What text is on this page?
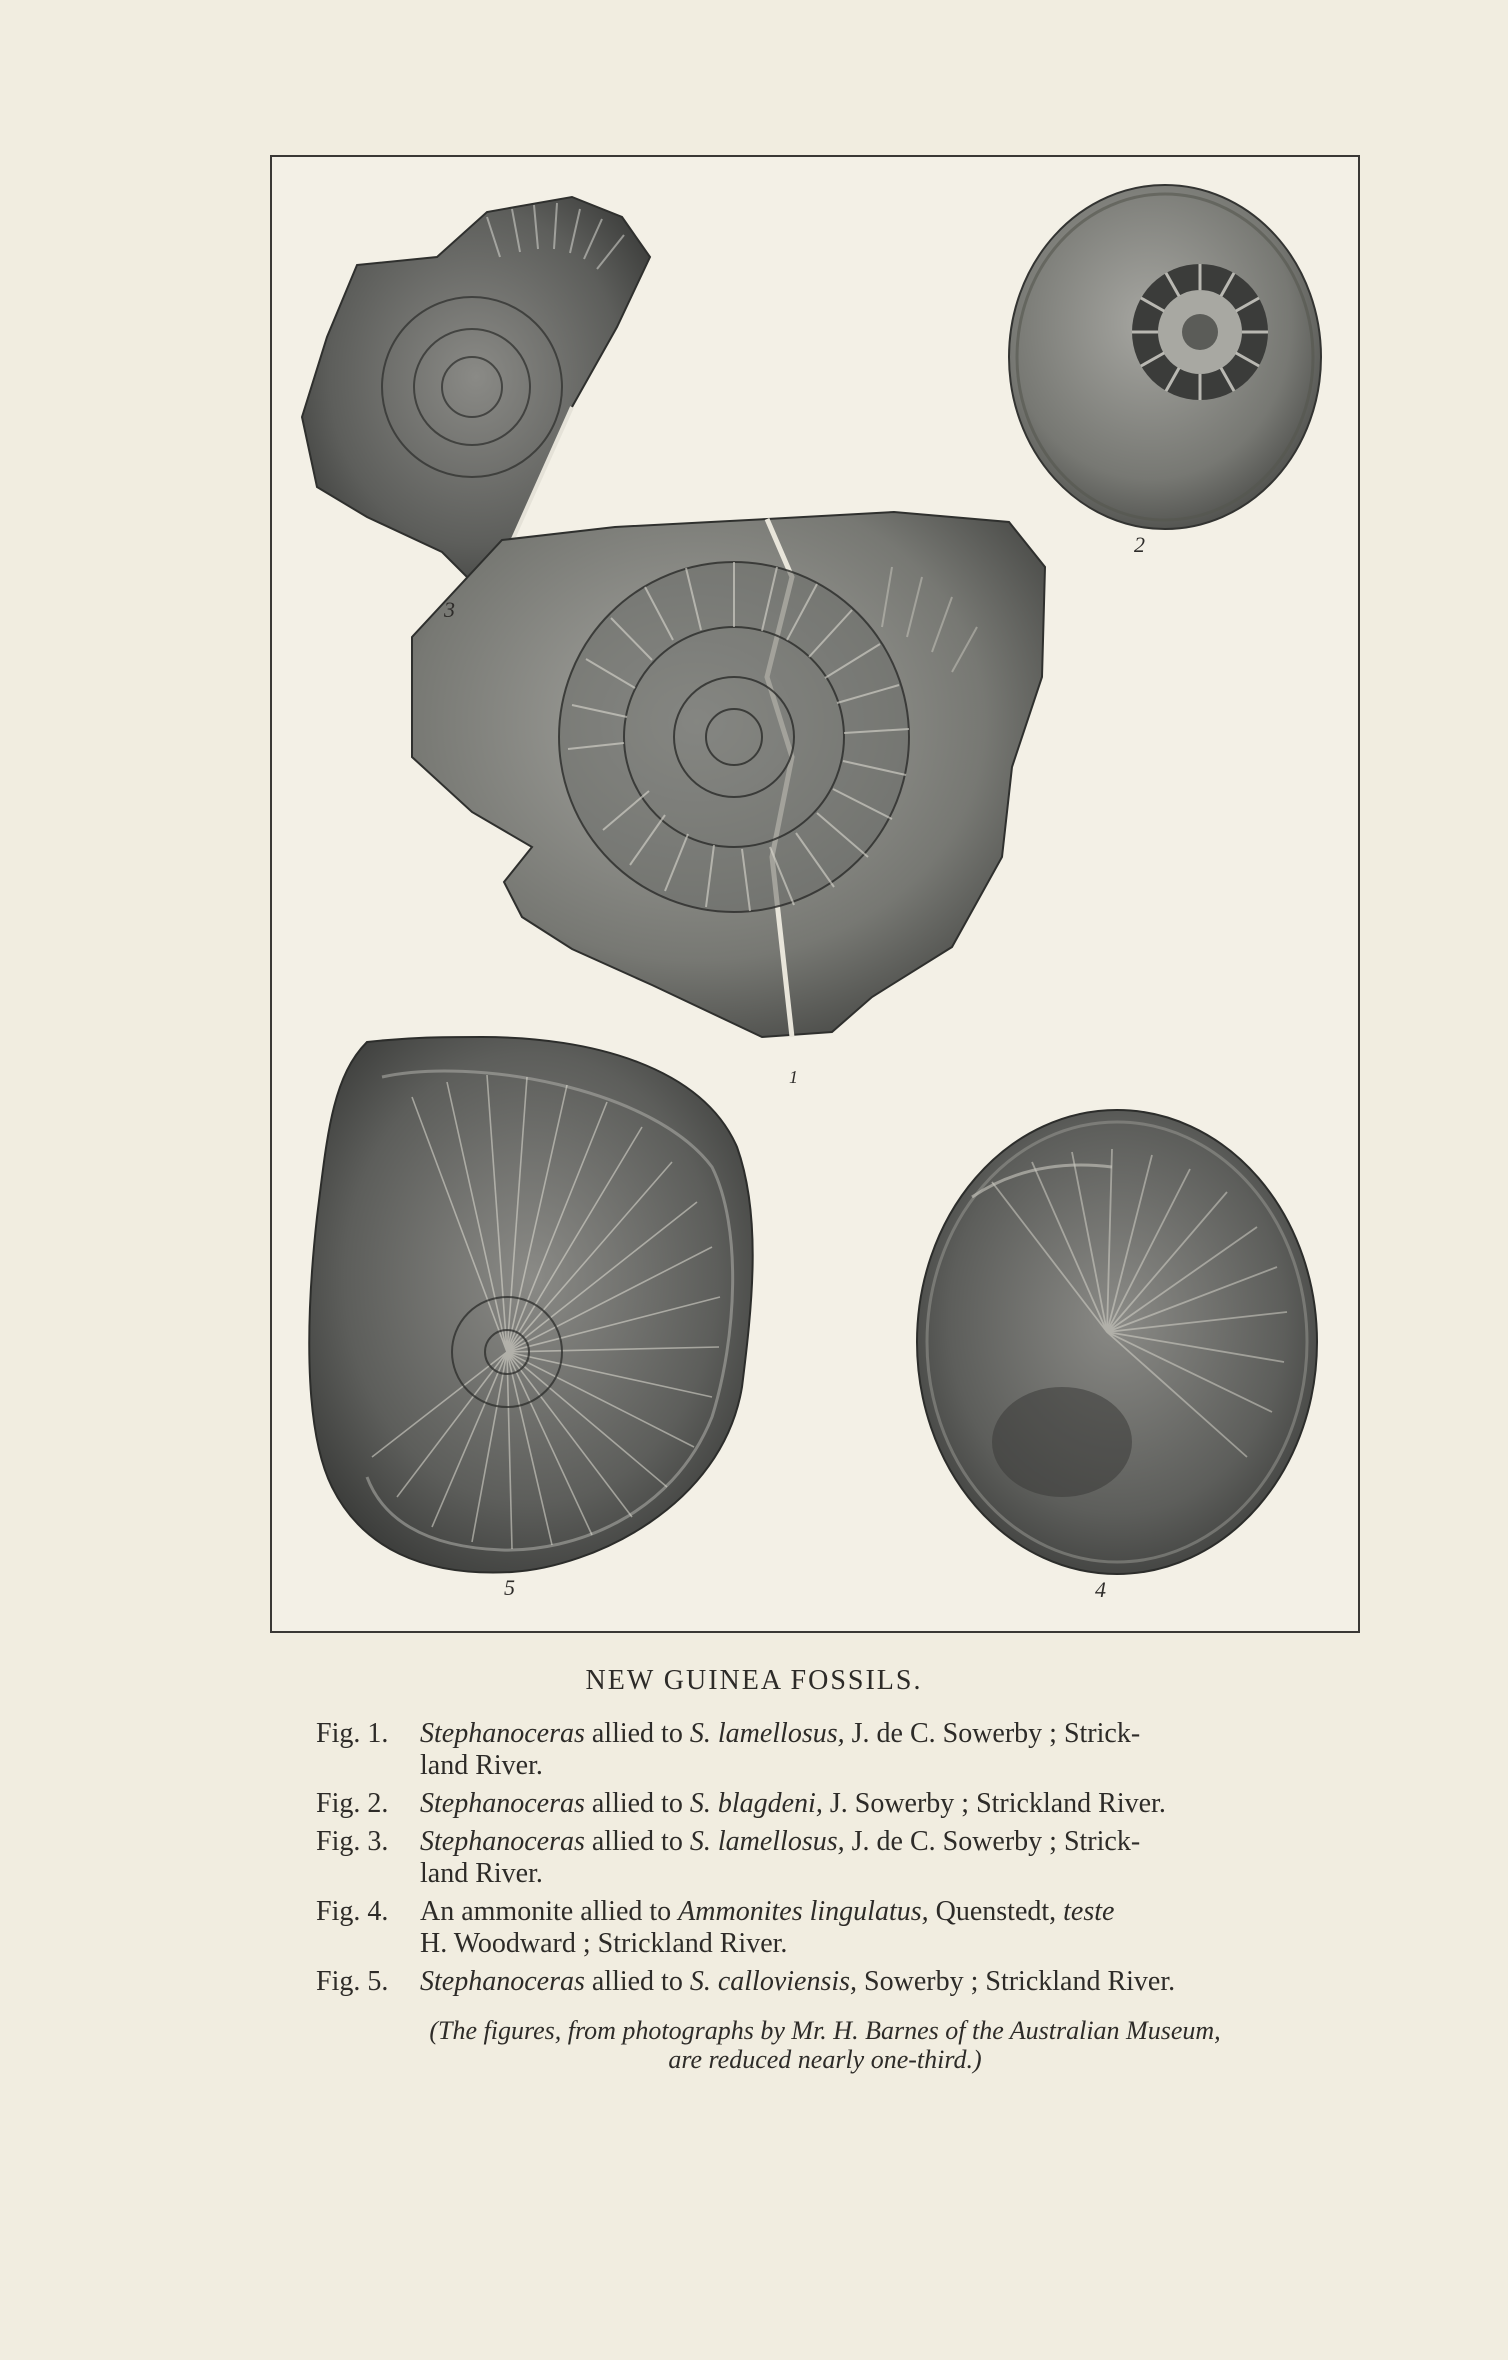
3
2
1
5	4
NEW GUINEA FOSSILS.
Fig. 1. Stephanoceras allied to S. lamellosus, J. de C. Sowerby ; Strick-
land River.
Fig. 2. Stephanoceras allied to S. blagdeni, J. Sowerby ; Strickland River.
Fig. 3. Stephanoceras allied to S. lamellosus, J. de C. Sowerby ; Strick-
land River.
Fig. 4. An ammonite allied to Ammonites lingulatus, Quenstedt, teste
H. Woodward ; Strickland River.
Fig. 5. Stephanoceras allied to S. calloviensis, Sowerby ; Strickland River.
(The figures, from photographs by Mr. H. Barnes of the Australian Museum,
are reduced nearly one-third.)
